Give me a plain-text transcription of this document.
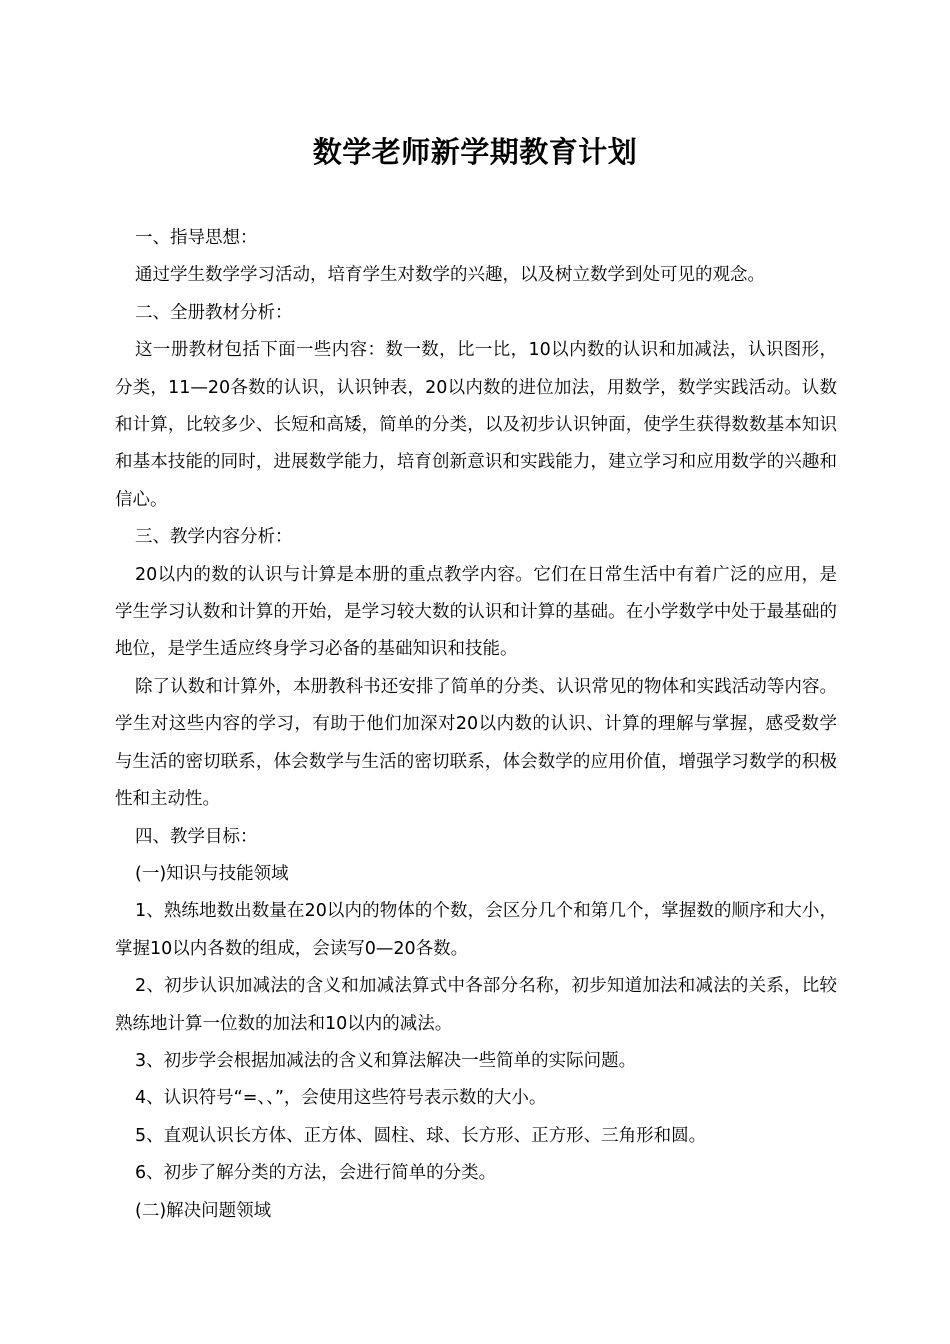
数学老师新学期教育计划

一、指导思想：

通过学生数学学习活动，培育学生对数学的兴趣，以及树立数学到处可见的观念。

二、全册教材分析：

这一册教材包括下面一些内容：数一数，比一比，10以内数的认识和加减法，认识图形，分类，11—20各数的认识，认识钟表，20以内数的进位加法，用数学，数学实践活动。认数和计算，比较多少、长短和高矮，简单的分类，以及初步认识钟面，使学生获得数数基本知识和基本技能的同时，进展数学能力，培育创新意识和实践能力，建立学习和应用数学的兴趣和信心。

三、教学内容分析：

20以内的数的认识与计算是本册的重点教学内容。它们在日常生活中有着广泛的应用，是学生学习认数和计算的开始，是学习较大数的认识和计算的基础。在小学数学中处于最基础的地位，是学生适应终身学习必备的基础知识和技能。

除了认数和计算外，本册教科书还安排了简单的分类、认识常见的物体和实践活动等内容。学生对这些内容的学习，有助于他们加深对20以内数的认识、计算的理解与掌握，感受数学与生活的密切联系，体会数学与生活的密切联系，体会数学的应用价值，增强学习数学的积极性和主动性。

四、教学目标：

(一)知识与技能领域

1、熟练地数出数量在20以内的物体的个数，会区分几个和第几个，掌握数的顺序和大小，掌握10以内各数的组成，会读写0—20各数。

2、初步认识加减法的含义和加减法算式中各部分名称，初步知道加法和减法的关系，比较熟练地计算一位数的加法和10以内的减法。

3、初步学会根据加减法的含义和算法解决一些简单的实际问题。

4、认识符号“=、、”，会使用这些符号表示数的大小。

5、直观认识长方体、正方体、圆柱、球、长方形、正方形、三角形和圆。

6、初步了解分类的方法，会进行简单的分类。

(二)解决问题领域
